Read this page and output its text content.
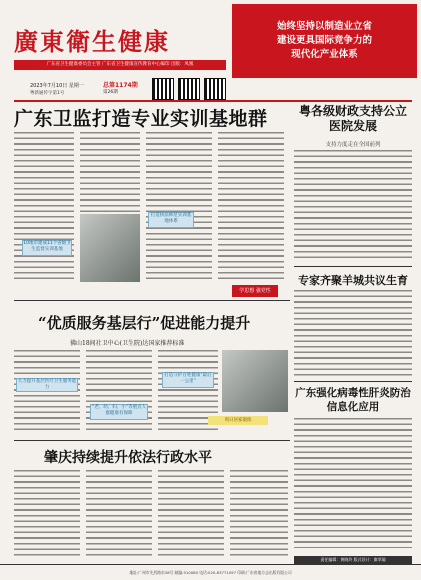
廣東衛生健康
始终坚持以制造业立省
建设更具国际竞争力的
现代化产业体系
广东省卫生健康委员会主管 广东省卫生健康宣传教育中心编印 出版：凤凰
2023年7月10日 星期一
粤新通传字第1号
总第1174期
第26期
广东卫监打造专业实训基地群
10地市建成11个省级卫生监督实训基地
打造执法师范实训基地体系
学思想 强党性
粤各级财政支持公立医院发展
支持力度走在全国前列
专家齐聚羊城共议生育
广东强化病毒性肝炎防治信息化应用
责任编辑：黄晓玲 版式设计：廖翠瑜
“优质服务基层行”促进能力提升
佛山18间社卫中心(卫生院)达国家推荐标准
大力提升基层医疗卫生服务能力
“老、幼、妇、小”等重点人群健康有保障
打造守护百姓健康“最后一公里”
周日居家锻炼
肇庆持续提升依法行政水平
地址:广州市先烈路东38号 邮编:510080 电话:020-83771097 印刷:广东省地方志出版有限公司
